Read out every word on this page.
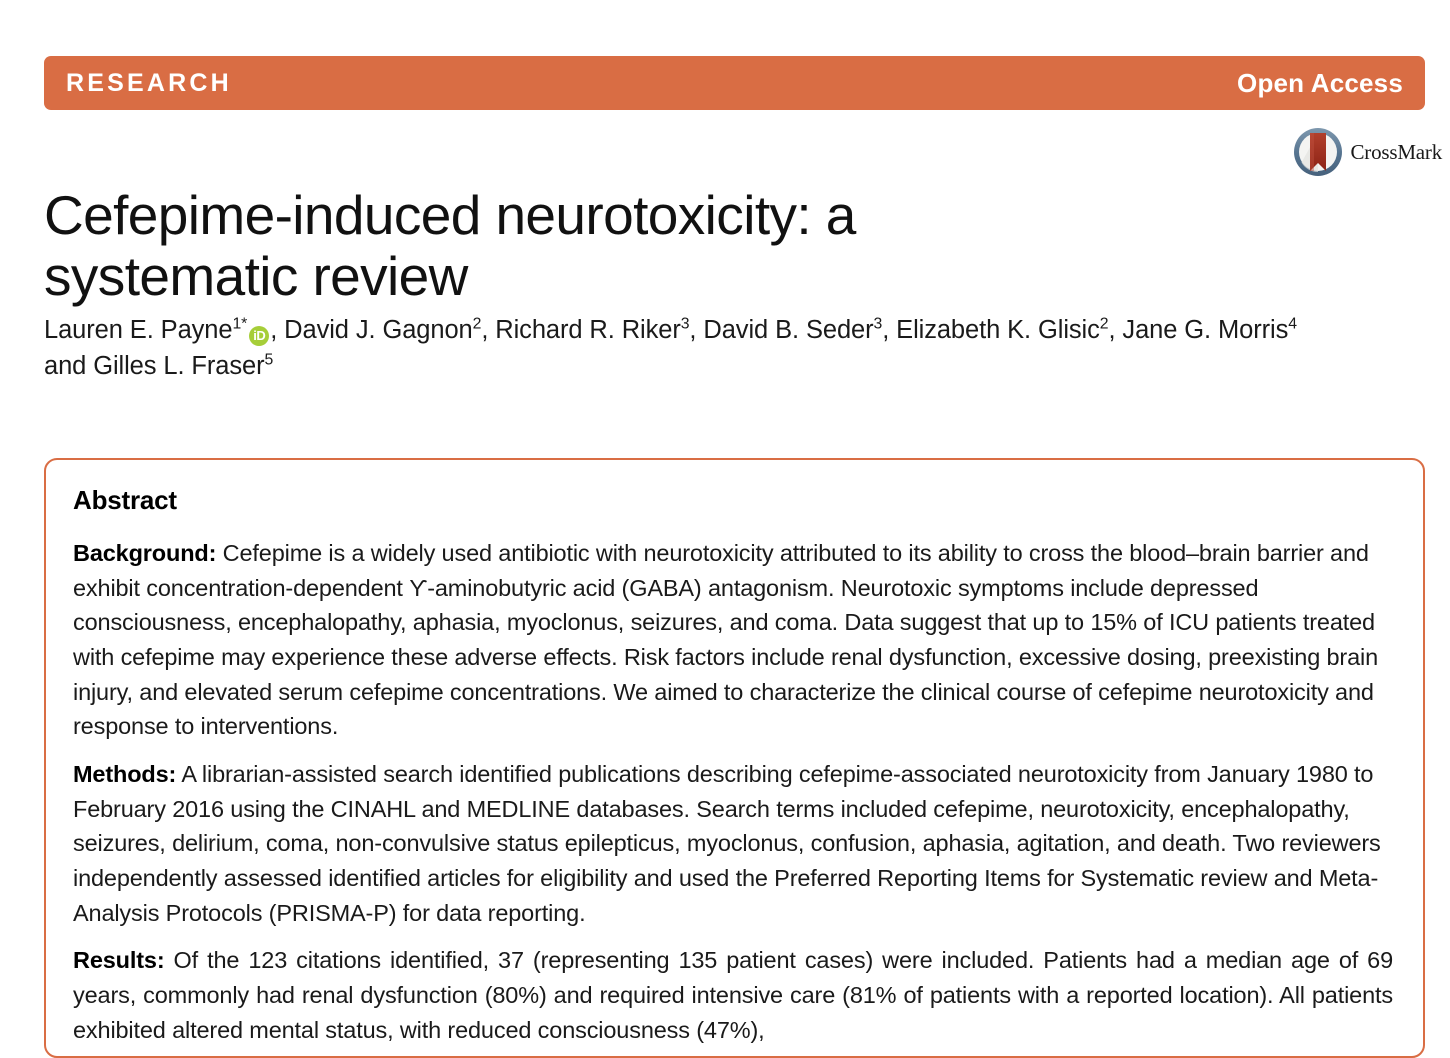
RESEARCH	Open Access
CrossMark
Cefepime-induced neurotoxicity: a systematic review
Lauren E. Payne$^{1*}$iD , David J. Gagnon$^2$, Richard R. Riker$^3$, David B. Seder$^3$, Elizabeth K. Glisic$^2$, Jane G. Morris$^4$
and Gilles L. Fraser$^5$
Abstract

Background: Cefepime is a widely used antibiotic with neurotoxicity attributed to its ability to cross the blood–brain barrier and exhibit concentration-dependent ϒ-aminobutyric acid (GABA) antagonism. Neurotoxic symptoms include depressed consciousness, encephalopathy, aphasia, myoclonus, seizures, and coma. Data suggest that up to 15% of ICU patients treated with cefepime may experience these adverse effects. Risk factors include renal dysfunction, excessive dosing, preexisting brain injury, and elevated serum cefepime concentrations. We aimed to characterize the clinical course of cefepime neurotoxicity and response to interventions.

Methods: A librarian-assisted search identified publications describing cefepime-associated neurotoxicity from January 1980 to February 2016 using the CINAHL and MEDLINE databases. Search terms included cefepime, neurotoxicity, encephalopathy, seizures, delirium, coma, non-convulsive status epilepticus, myoclonus, confusion, aphasia, agitation, and death. Two reviewers independently assessed identified articles for eligibility and used the Preferred Reporting Items for Systematic review and Meta-Analysis Protocols (PRISMA-P) for data reporting.

Results: Of the 123 citations identified, 37 (representing 135 patient cases) were included. Patients had a median age of 69 years, commonly had renal dysfunction (80%) and required intensive care (81% of patients with a reported location). All patients exhibited altered mental status, with reduced consciousness (47%),
